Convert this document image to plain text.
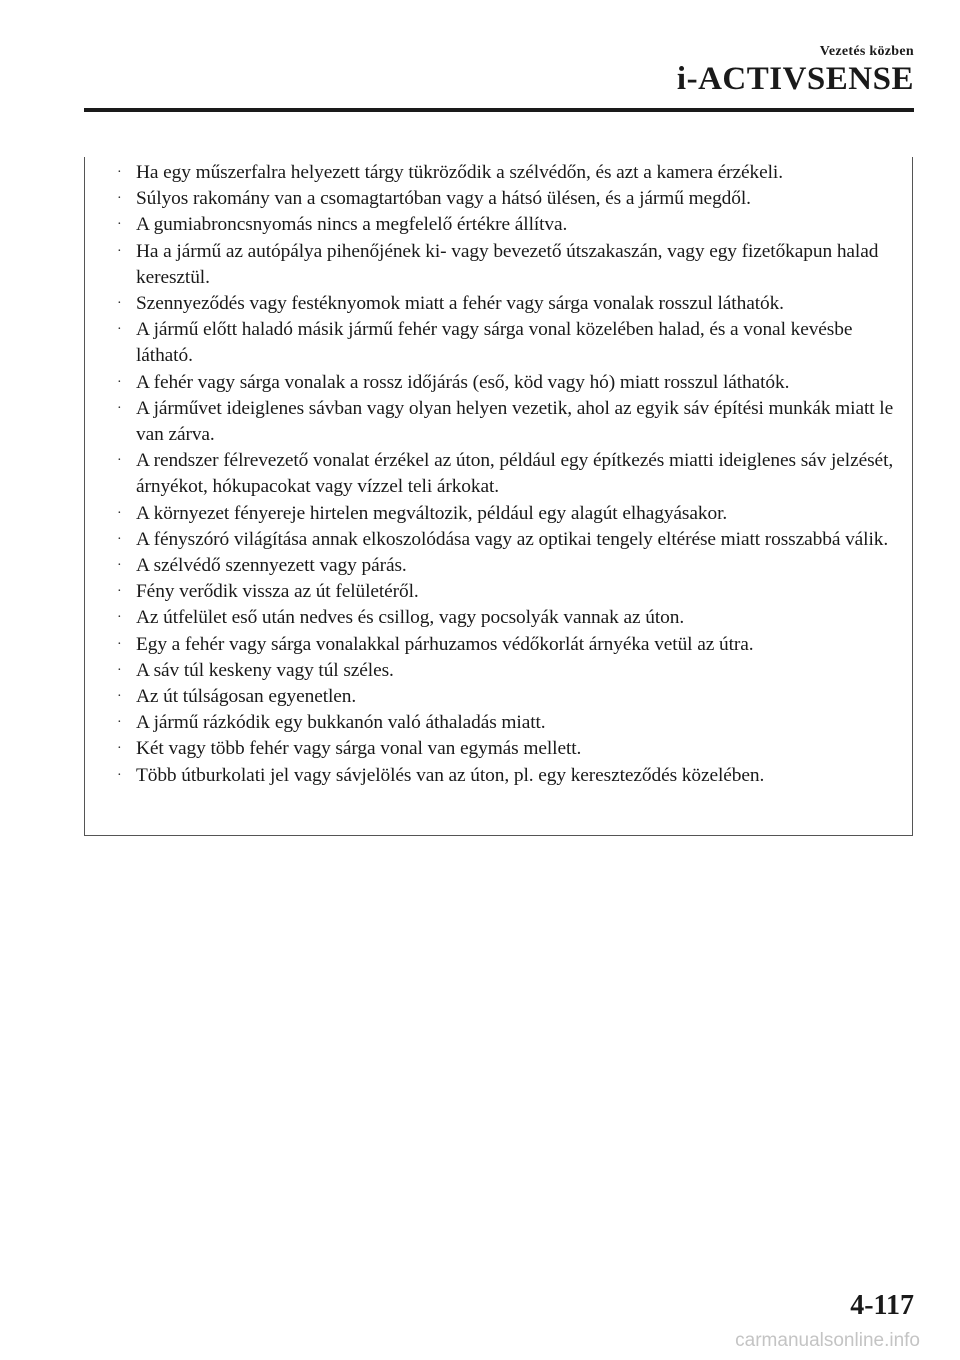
Vezetés közben
i-ACTIVSENSE
· Ha egy műszerfalra helyezett tárgy tükröződik a szélvédőn, és azt a kamera érzékeli.
· Súlyos rakomány van a csomagtartóban vagy a hátsó ülésen, és a jármű megdől.
· A gumiabroncsnyomás nincs a megfelelő értékre állítva.
· Ha a jármű az autópálya pihenőjének ki- vagy bevezető útszakaszán, vagy egy fizetőkapun halad keresztül.
· Szennyeződés vagy festéknyomok miatt a fehér vagy sárga vonalak rosszul láthatók.
· A jármű előtt haladó másik jármű fehér vagy sárga vonal közelében halad, és a vonal kevésbe látható.
· A fehér vagy sárga vonalak a rossz időjárás (eső, köd vagy hó) miatt rosszul láthatók.
· A járművet ideiglenes sávban vagy olyan helyen vezetik, ahol az egyik sáv építési munkák miatt le van zárva.
· A rendszer félrevezető vonalat érzékel az úton, például egy építkezés miatti ideiglenes sáv jelzését, árnyékot, hókupacokat vagy vízzel teli árkokat.
· A környezet fényereje hirtelen megváltozik, például egy alagút elhagyásakor.
· A fényszóró világítása annak elkoszolódása vagy az optikai tengely eltérése miatt rosszabbá válik.
· A szélvédő szennyezett vagy párás.
· Fény verődik vissza az út felületéről.
· Az útfelület eső után nedves és csillog, vagy pocsolyák vannak az úton.
· Egy a fehér vagy sárga vonalakkal párhuzamos védőkorlát árnyéka vetül az útra.
· A sáv túl keskeny vagy túl széles.
· Az út túlságosan egyenetlen.
· A jármű rázkódik egy bukkanón való áthaladás miatt.
· Két vagy több fehér vagy sárga vonal van egymás mellett.
· Több útburkolati jel vagy sávjelölés van az úton, pl. egy kereszteződés közelében.
4-117
carmanualsonline.info
